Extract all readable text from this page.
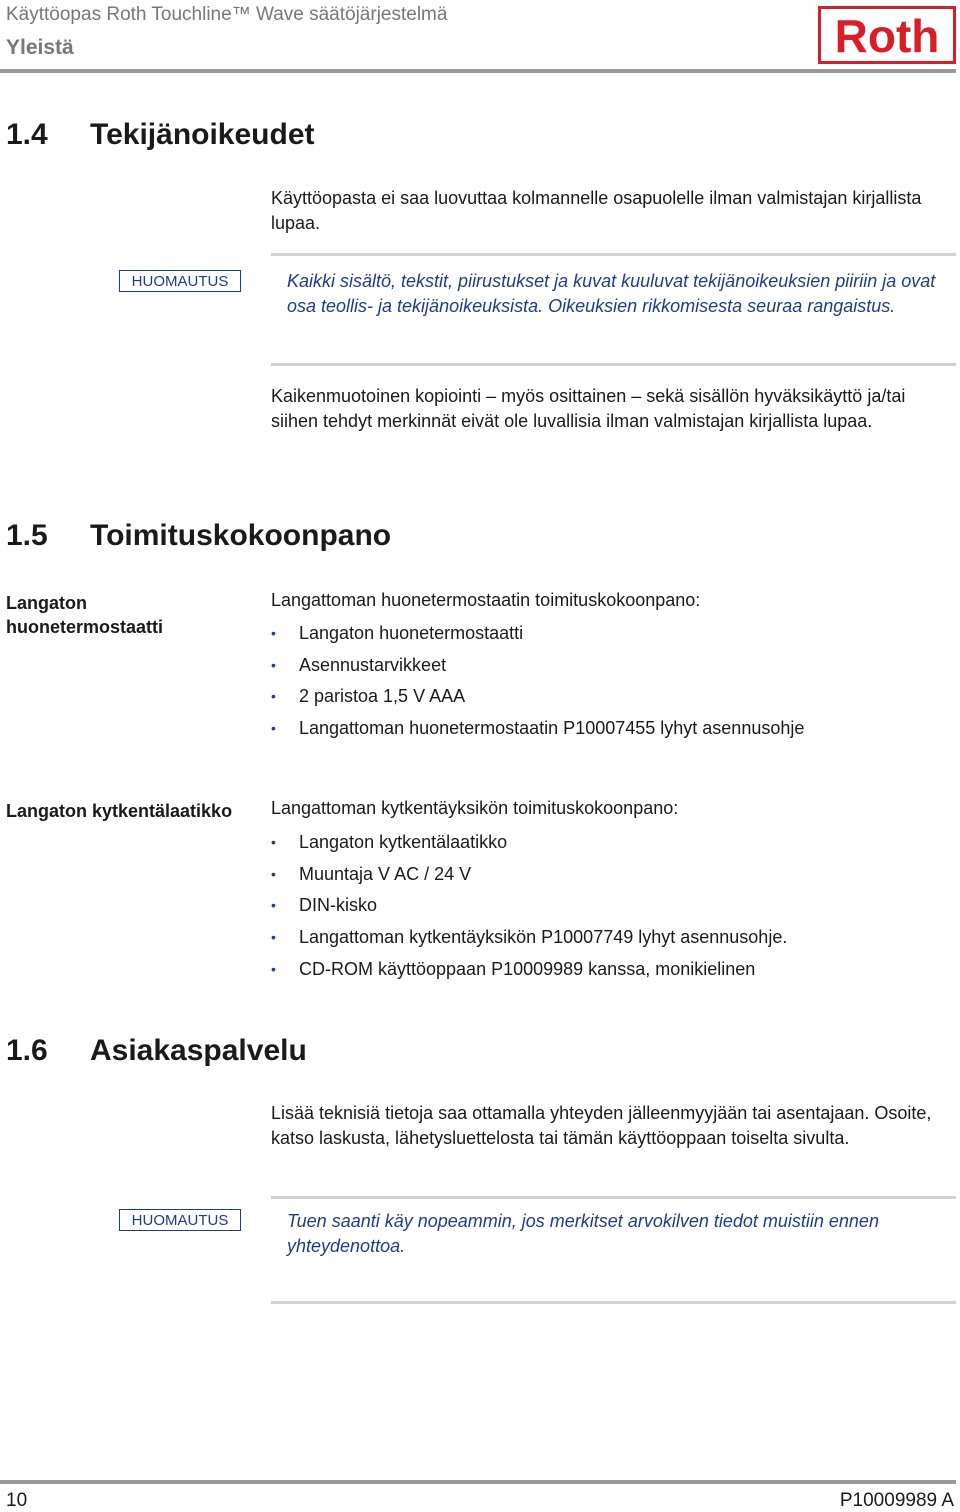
Käyttöopas Roth Touchline™ Wave säätöjärjestelmä
Yleistä	Roth
1.4 Tekijänoikeudet
Käyttöopasta ei saa luovuttaa kolmannelle osapuolelle ilman valmistajan kirjallista lupaa.
HUOMAUTUS	Kaikki sisältö, tekstit, piirustukset ja kuvat kuuluvat tekijänoikeuksien piiriin ja ovat osa teollis- ja tekijänoikeuksista. Oikeuksien rikkomisesta seuraa rangaistus.
Kaikenmuotoinen kopiointi – myös osittainen – sekä sisällön hyväksikäyttö ja/tai siihen tehdyt merkinnät eivät ole luvallisia ilman valmistajan kirjallista lupaa.
1.5 Toimituskokoonpano
Langaton huonetermostaatti
Langattoman huonetermostaatin toimituskokoonpano:
• Langaton huonetermostaatti
• Asennustarvikkeet
• 2 paristoa 1,5 V AAA
• Langattoman huonetermostaatin P10007455 lyhyt asennusohje
Langaton kytkentälaatikko	Langattoman kytkentäyksikön toimituskokoonpano:
• Langaton kytkentälaatikko
• Muuntaja V AC / 24 V
• DIN-kisko
• Langattoman kytkentäyksikön P10007749 lyhyt asennusohje.
• CD-ROM käyttöoppaan P10009989 kanssa, monikielinen
1.6 Asiakaspalvelu
Lisää teknisiä tietoja saa ottamalla yhteyden jälleenmyyjään tai asentajaan. Osoite, katso laskusta, lähetysluettelosta tai tämän käyttöoppaan toiselta sivulta.
HUOMAUTUS	Tuen saanti käy nopeammin, jos merkitset arvokilven tiedot muistiin ennen yhteydenottoa.
10	P10009989 A
